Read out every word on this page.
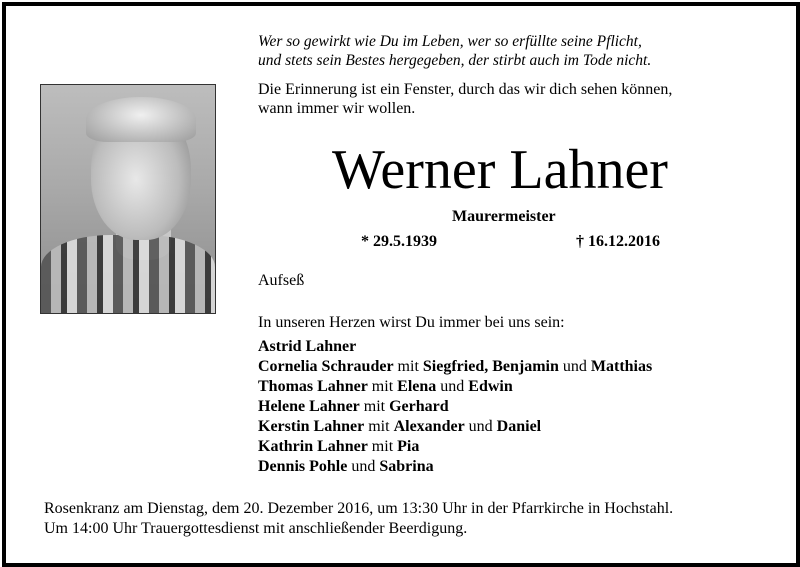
Wer so gewirkt wie Du im Leben, wer so erfüllte seine Pflicht,
und stets sein Bestes hergegeben, der stirbt auch im Tode nicht.
Die Erinnerung ist ein Fenster, durch das wir dich sehen können,
wann immer wir wollen.
Werner Lahner
Maurermeister
* 29.5.1939	† 16.12.2016
Aufseß
In unseren Herzen wirst Du immer bei uns sein:
Astrid Lahner
Cornelia Schrauder mit Siegfried, Benjamin und Matthias
Thomas Lahner mit Elena und Edwin
Helene Lahner mit Gerhard
Kerstin Lahner mit Alexander und Daniel
Kathrin Lahner mit Pia
Dennis Pohle und Sabrina
Rosenkranz am Dienstag, dem 20. Dezember 2016, um 13:30 Uhr in der Pfarrkirche in Hochstahl.
Um 14:00 Uhr Trauergottesdienst mit anschließender Beerdigung.
